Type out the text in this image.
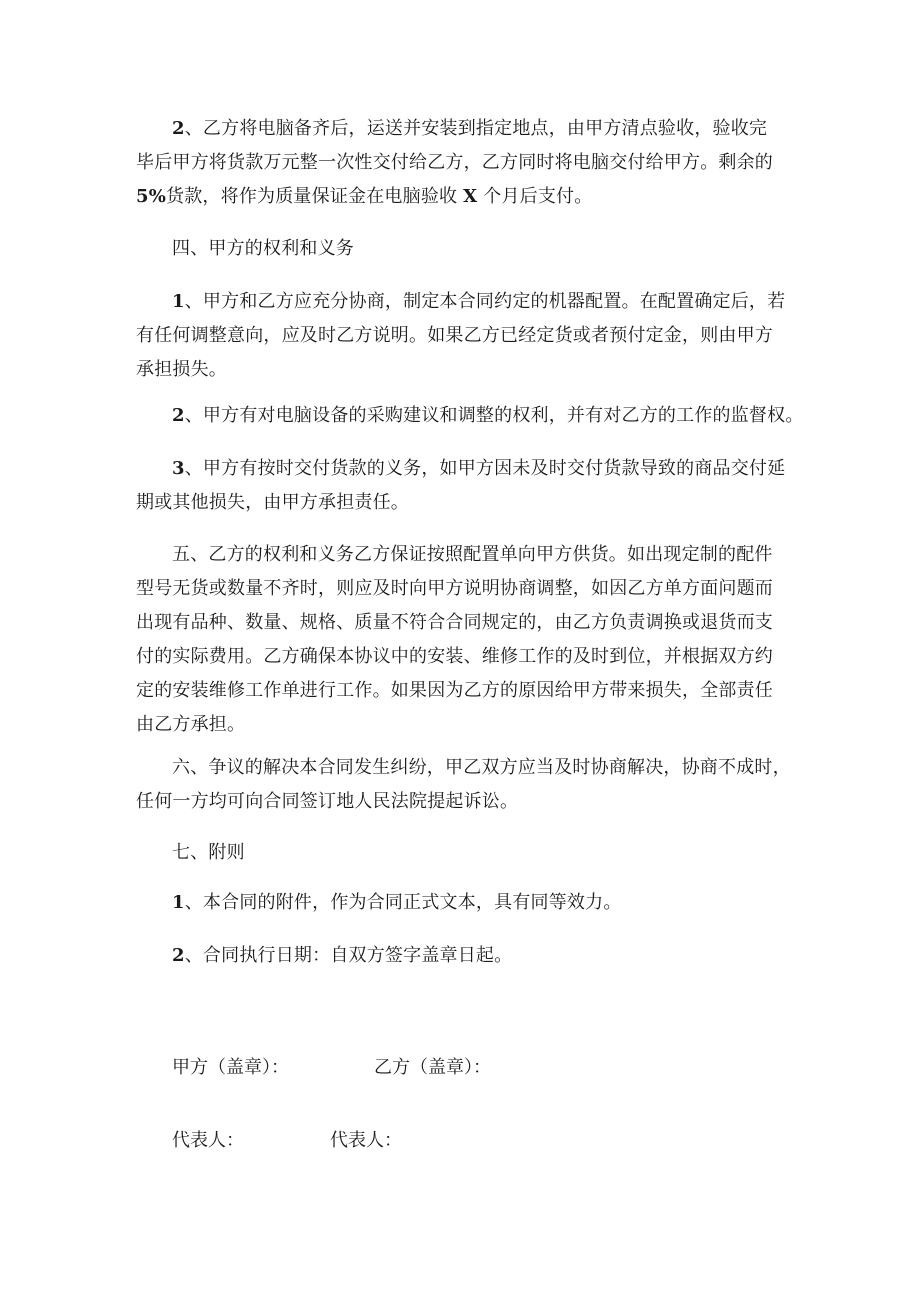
2、乙方将电脑备齐后，运送并安装到指定地点，由甲方清点验收，验收完
毕后甲方将货款万元整一次性交付给乙方，乙方同时将电脑交付给甲方。剩余的
5%货款，将作为质量保证金在电脑验收 X 个月后支付。

四、甲方的权利和义务

1、甲方和乙方应充分协商，制定本合同约定的机器配置。在配置确定后，若
有任何调整意向，应及时乙方说明。如果乙方已经定货或者预付定金，则由甲方
承担损失。

2、甲方有对电脑设备的采购建议和调整的权利，并有对乙方的工作的监督权。

3、甲方有按时交付货款的义务，如甲方因未及时交付货款导致的商品交付延
期或其他损失，由甲方承担责任。

五、乙方的权利和义务乙方保证按照配置单向甲方供货。如出现定制的配件
型号无货或数量不齐时，则应及时向甲方说明协商调整，如因乙方单方面问题而
出现有品种、数量、规格、质量不符合合同规定的，由乙方负责调换或退货而支
付的实际费用。乙方确保本协议中的安装、维修工作的及时到位，并根据双方约
定的安装维修工作单进行工作。如果因为乙方的原因给甲方带来损失，全部责任
由乙方承担。

六、争议的解决本合同发生纠纷，甲乙双方应当及时协商解决，协商不成时，
任何一方均可向合同签订地人民法院提起诉讼。

七、附则

1、本合同的附件，作为合同正式文本，具有同等效力。

2、合同执行日期：自双方签字盖章日起。

甲方（盖章）：	乙方（盖章）：
代表人：	代表人：
